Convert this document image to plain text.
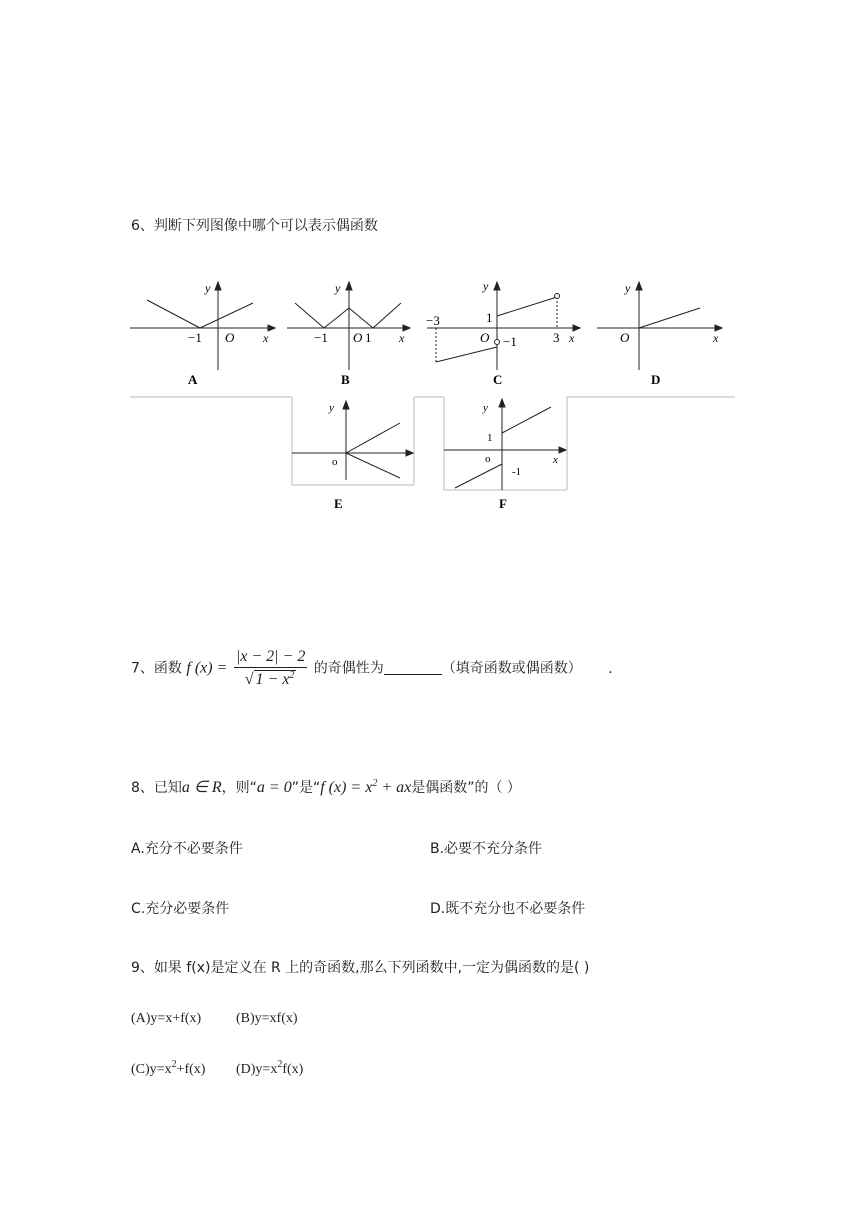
6、判断下列图像中哪个可以表示偶函数
y
x
O
−1
A
y
x
−1 O 1
B
y
x
−3	1
O −1	3
C
y
x
O
D
y
o
E
y
x
1
o
-1
F
7、函数 f $(x) = \frac{|x - 2| - 2}{√ 1 - x^2}$ 的奇偶性为	（填奇函数或偶函数） .
8、已知a ∈ R，则“a = 0”是“f $(x) = x^2$ + ax是偶函数”的（ ）
A.充分不必要条件	B.必要不充分条件
C.充分必要条件	D.既不充分也不必要条件
9、如果 f(x)是定义在 R 上的奇函数,那么下列函数中,一定为偶函数的是( )
(A)y=x+f(x) (B)y=xf(x)
$(C)y=x^2+f(x)$ $(D)y=x^2f(x)$
